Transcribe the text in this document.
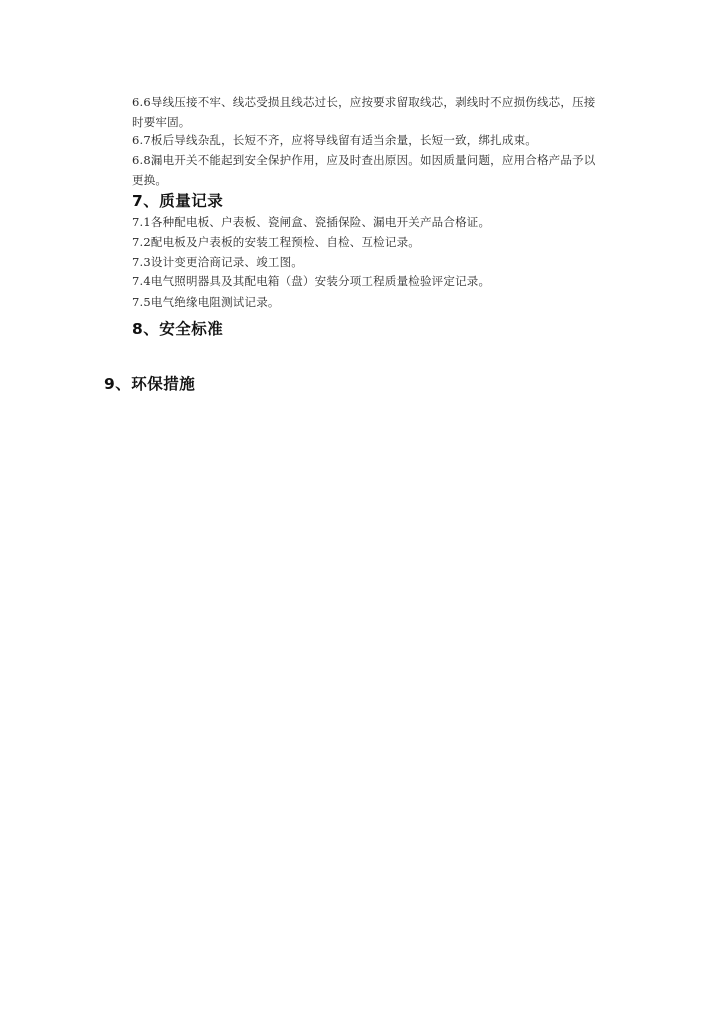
6.6导线压接不牢、线芯受损且线芯过长，应按要求留取线芯，剥线时不应损伤线芯，压接
时要牢固。
6.7板后导线杂乱，长短不齐，应将导线留有适当余量，长短一致，绑扎成束。
6.8漏电开关不能起到安全保护作用，应及时查出原因。如因质量问题，应用合格产品予以
更换。
7、质量记录
7.1各种配电板、户表板、瓷闸盒、瓷插保险、漏电开关产品合格证。
7.2配电板及户表板的安装工程预检、自检、互检记录。
7.3设计变更洽商记录、竣工图。
7.4电气照明器具及其配电箱（盘）安装分项工程质量检验评定记录。
7.5电气绝缘电阻测试记录。
8、安全标准
9、环保措施
